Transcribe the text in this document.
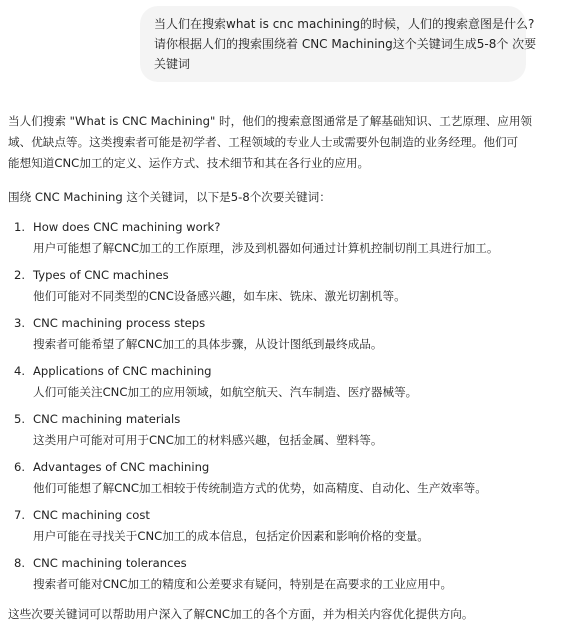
当人们在搜索what is cnc machining的时候，人们的搜索意图是什么?
请你根据人们的搜索围绕着 CNC Machining这个关键词生成5-8个 次要
关键词

当人们搜索 "What is CNC Machining" 时，他们的搜索意图通常是了解基础知识、工艺原理、应用领
域、优缺点等。这类搜索者可能是初学者、工程领域的专业人士或需要外包制造的业务经理。他们可
能想知道CNC加工的定义、运作方式、技术细节和其在各行业的应用。

围绕 CNC Machining 这个关键词，以下是5-8个次要关键词：

1. How does CNC machining work?
用户可能想了解CNC加工的工作原理，涉及到机器如何通过计算机控制切削工具进行加工。
2. Types of CNC machines
他们可能对不同类型的CNC设备感兴趣，如车床、铣床、激光切割机等。
3. CNC machining process steps
搜索者可能希望了解CNC加工的具体步骤，从设计图纸到最终成品。
4. Applications of CNC machining
人们可能关注CNC加工的应用领域，如航空航天、汽车制造、医疗器械等。
5. CNC machining materials
这类用户可能对可用于CNC加工的材料感兴趣，包括金属、塑料等。
6. Advantages of CNC machining
他们可能想了解CNC加工相较于传统制造方式的优势，如高精度、自动化、生产效率等。
7. CNC machining cost
用户可能在寻找关于CNC加工的成本信息，包括定价因素和影响价格的变量。
8. CNC machining tolerances
搜索者可能对CNC加工的精度和公差要求有疑问，特别是在高要求的工业应用中。

这些次要关键词可以帮助用户深入了解CNC加工的各个方面，并为相关内容优化提供方向。
